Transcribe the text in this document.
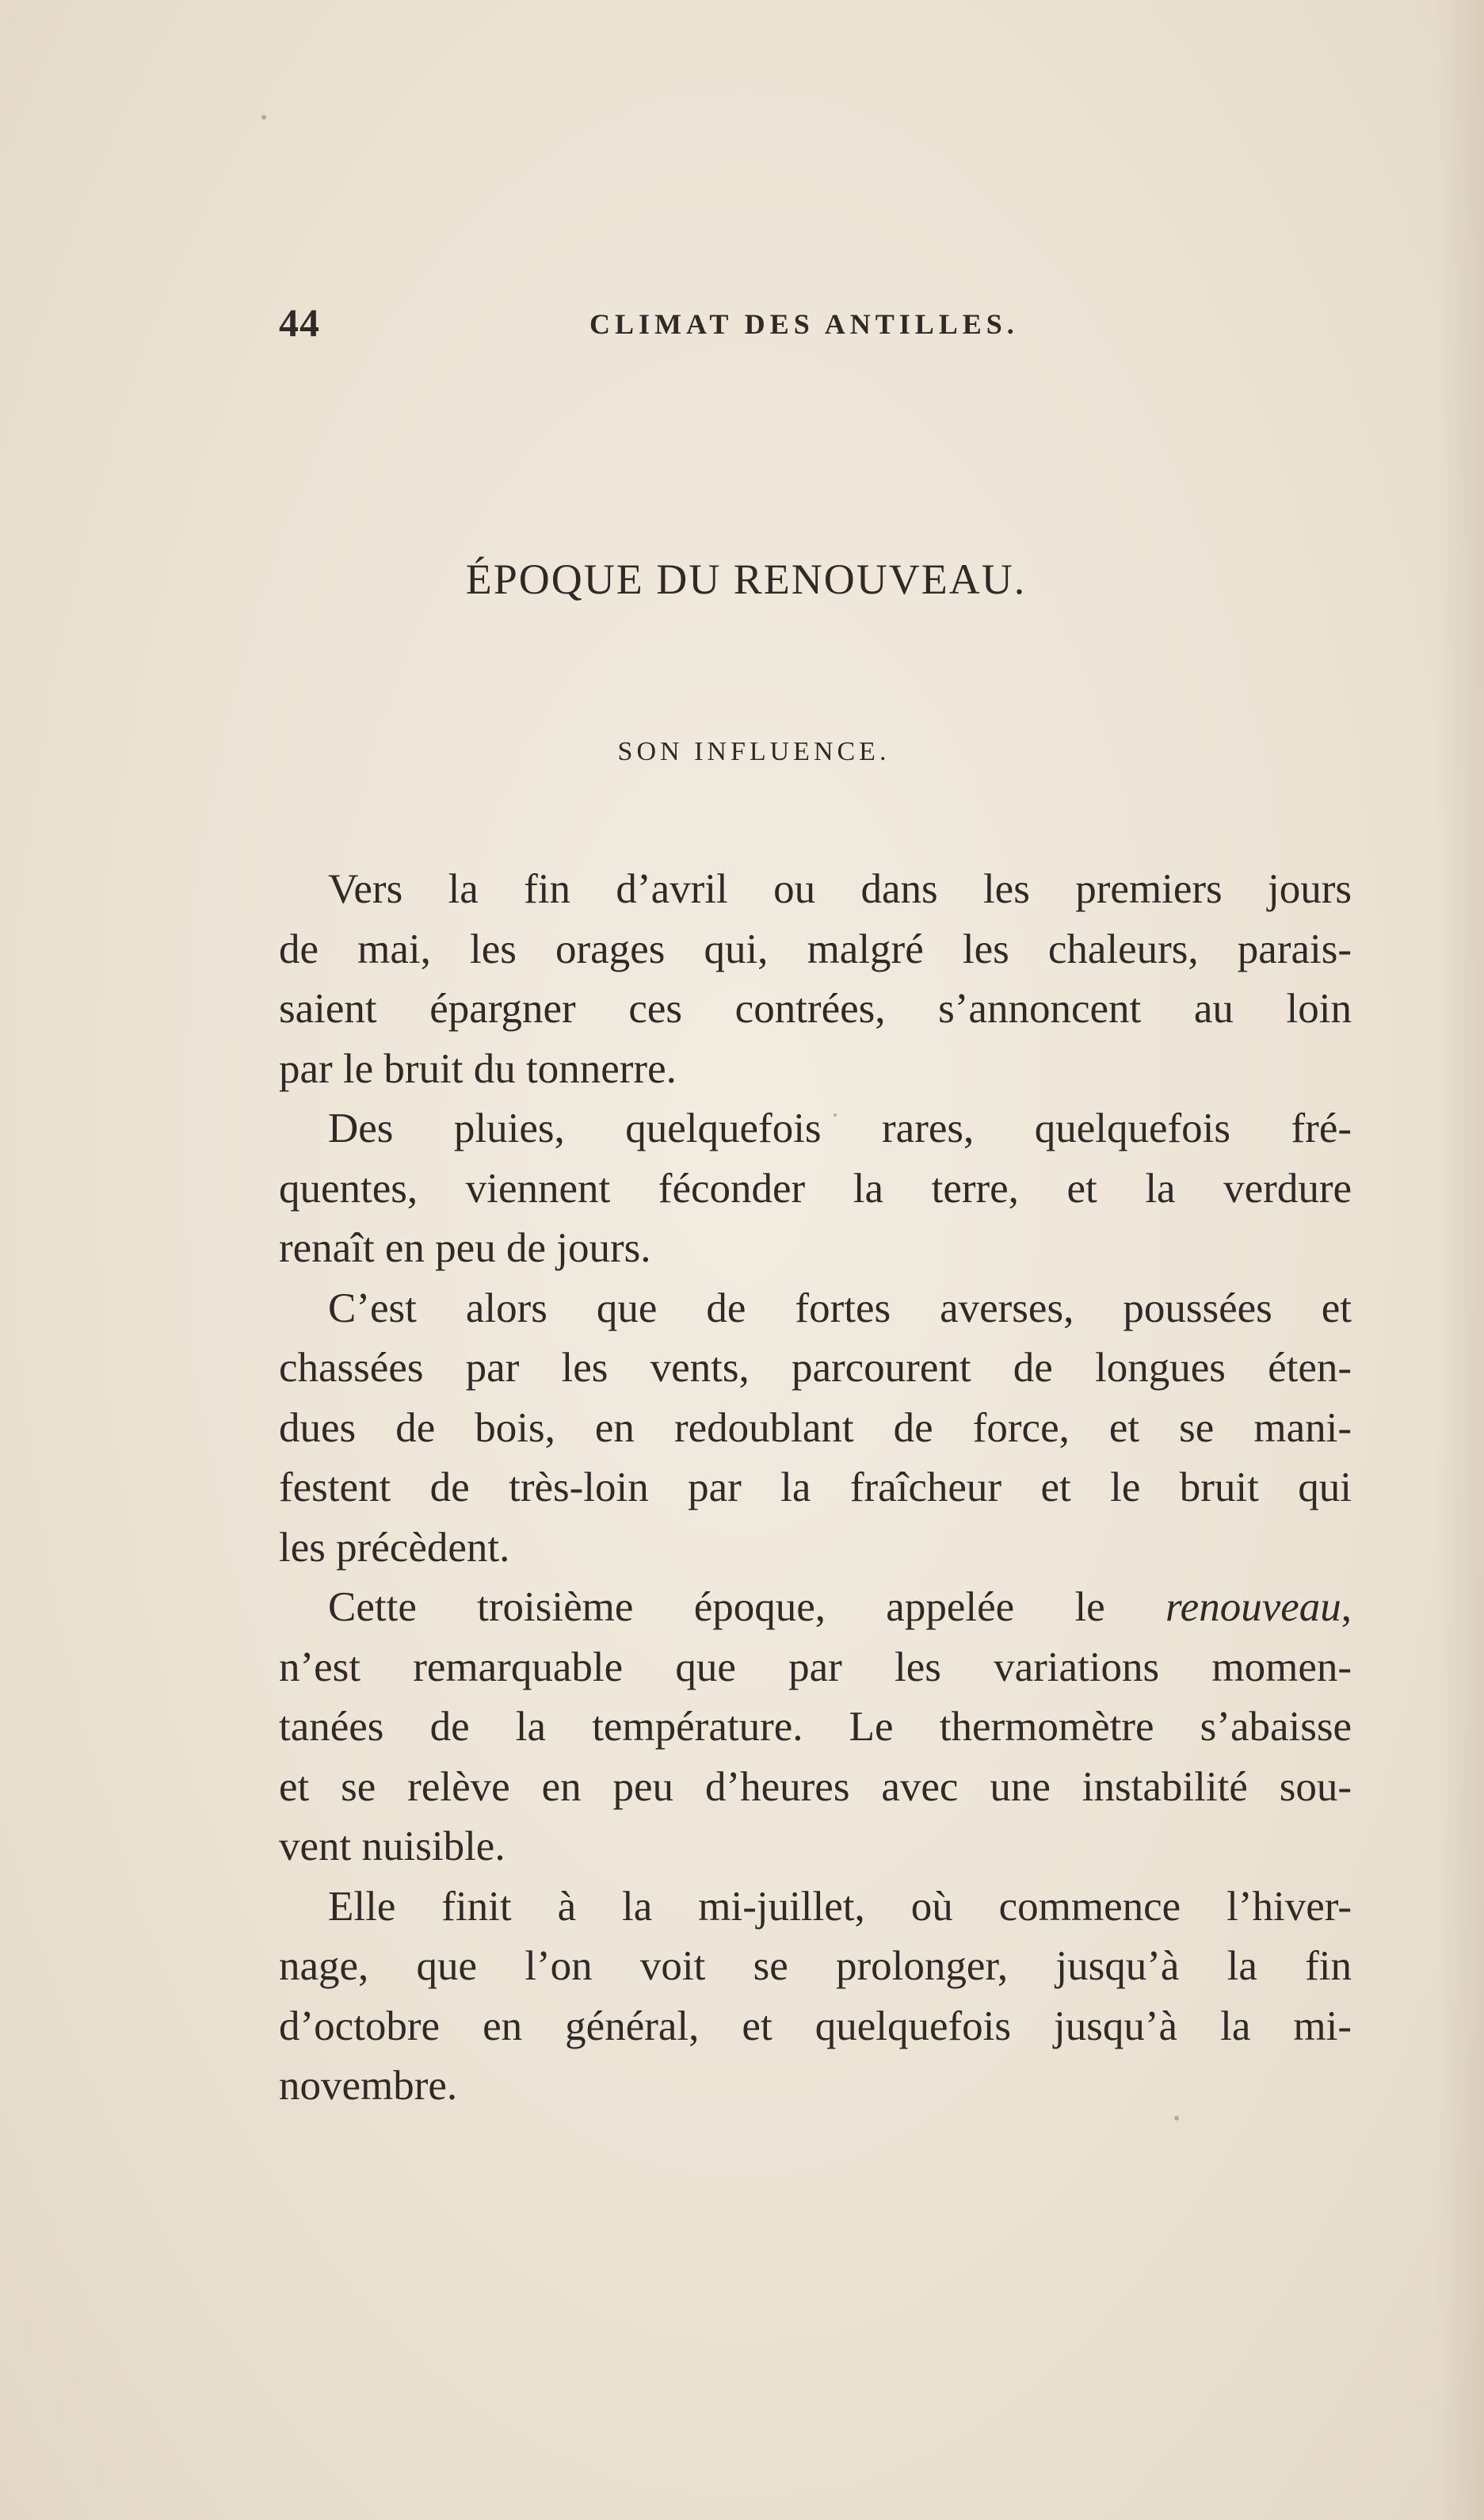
44	CLIMAT DES ANTILLES.
ÉPOQUE DU RENOUVEAU.
SON INFLUENCE.

Vers la fin d’avril ou dans les premiers jours
de mai, les orages qui, malgré les chaleurs, parais-
saient épargner ces contrées, s’annoncent au loin
par le bruit du tonnerre.

Des pluies, quelquefois rares, quelquefois fré-
quentes, viennent féconder la terre, et la verdure
renaît en peu de jours.

C’est alors que de fortes averses, poussées et
chassées par les vents, parcourent de longues éten-
dues de bois, en redoublant de force, et se mani-
festent de très-loin par la fraîcheur et le bruit qui
les précèdent.

Cette troisième époque, appelée le renouveau,
n’est remarquable que par les variations momen-
tanées de la température. Le thermomètre s’abaisse
et se relève en peu d’heures avec une instabilité sou-
vent nuisible.

Elle finit à la mi-juillet, où commence l’hiver-
nage, que l’on voit se prolonger, jusqu’à la fin
d’octobre en général, et quelquefois jusqu’à la mi-
novembre.
